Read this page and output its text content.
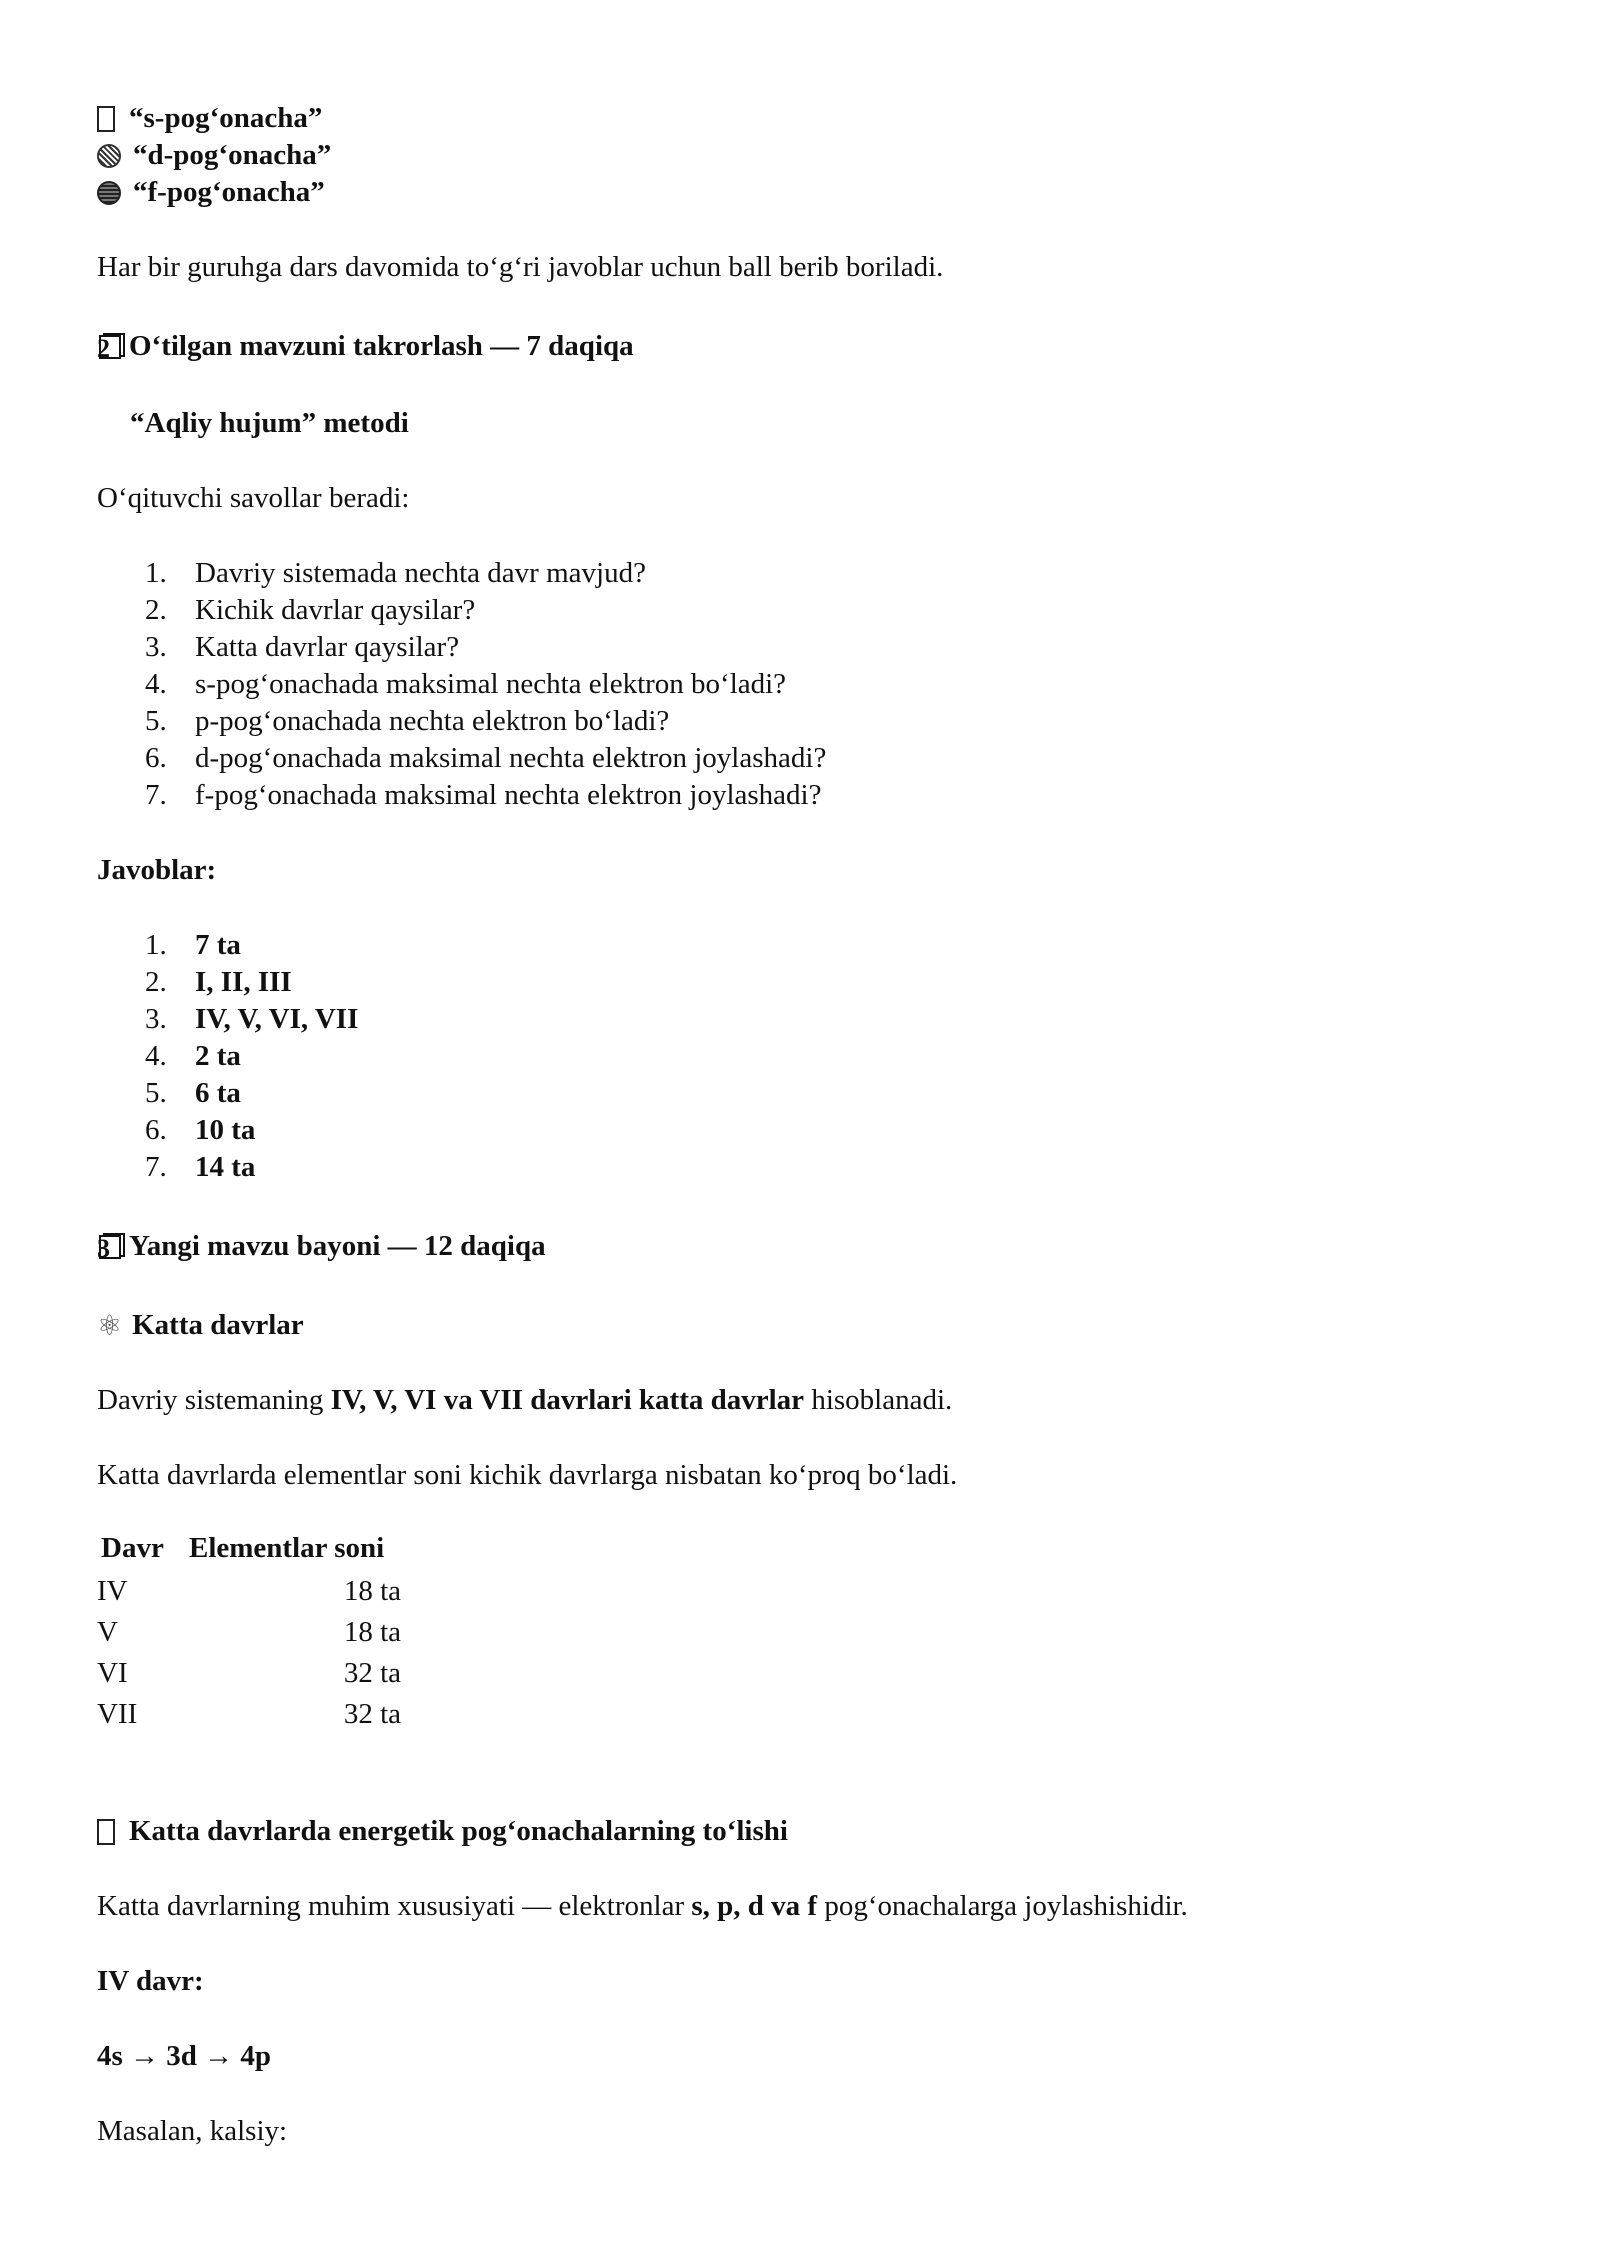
“s-pog‘onacha”
“d-pog‘onacha”
“f-pog‘onacha”

Har bir guruhga dars davomida to‘g‘ri javoblar uchun ball berib boriladi.

2 O‘tilgan mavzuni takrorlash — 7 daqiqa
“Aqliy hujum” metodi

O‘qituvchi savollar beradi:

1. Davriy sistemada nechta davr mavjud?
2. Kichik davrlar qaysilar?
3. Katta davrlar qaysilar?
4. s-pog‘onachada maksimal nechta elektron bo‘ladi?
5. p-pog‘onachada nechta elektron bo‘ladi?
6. d-pog‘onachada maksimal nechta elektron joylashadi?
7. f-pog‘onachada maksimal nechta elektron joylashadi?

Javoblar:

1. 7 ta
2. I, II, III
3. IV, V, VI, VII
4. 2 ta
5. 6 ta
6. 10 ta
7. 14 ta
3 Yangi mavzu bayoni — 12 daqiqa
⚛ Katta davrlar

Davriy sistemaning IV, V, VI va VII davrlari katta davrlar hisoblanadi.

Katta davrlarda elementlar soni kichik davrlarga nisbatan ko‘proq bo‘ladi.

Davr	Elementlar soni
IV	18 ta
V	18 ta
VI	32 ta
VII	32 ta
Katta davrlarda energetik pog‘onachalarning to‘lishi

Katta davrlarning muhim xususiyati — elektronlar s, p, d va f pog‘onachalarga joylashishidir.

IV davr:

4s → 3d → 4p

Masalan, kalsiy:
